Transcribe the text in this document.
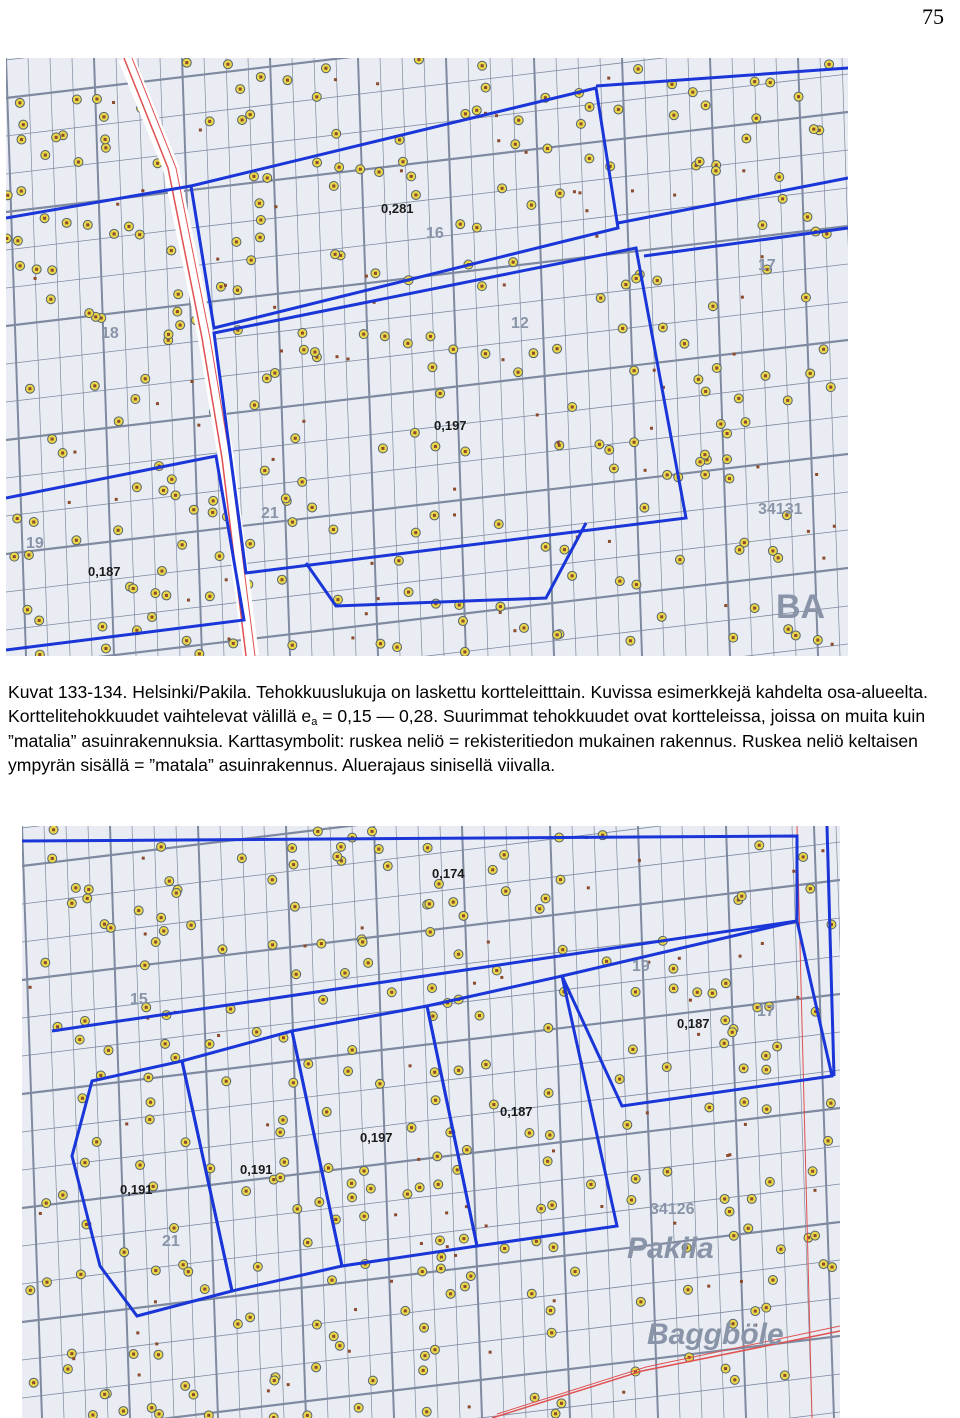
75
0,281
0,197
0,187
34131
BA
21
16
17
12
18
19
Kuvat 133-134. Helsinki/Pakila. Tehokkuuslukuja on laskettu kortteleitttain. Kuvissa esimerkkejä kahdelta osa-alueelta. Korttelitehokkuudet vaihtelevat välillä $e_a = 0,15$ — 0,28. Suurimmat tehokkuudet ovat kortteleissa, joissa on muita kuin ”matalia” asuinrakennuksia. Karttasymbolit: ruskea neliö = rekisteritiedon mukainen rakennus. Ruskea neliö keltaisen ympyrän sisällä = ”matala” asuinrakennus. Aluerajaus sinisellä viivalla.
0,174
0,187
0,187
0,197
0,191
0,191
34126
Pakila
Baggböle
19
15
17
21
